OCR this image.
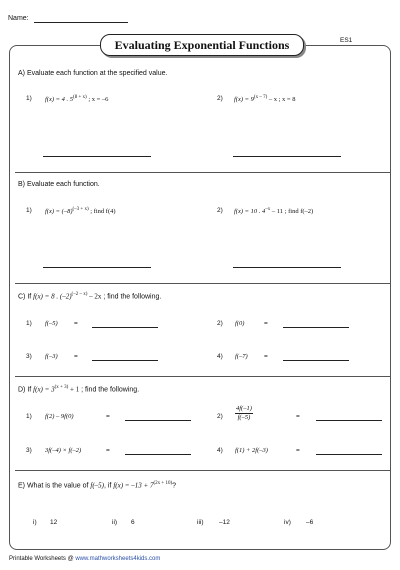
Name:
Evaluating Exponential Functions	ES1
A) Evaluate each function at the specified value.
1) f(x) = 4 . $5^{(8 + x)}$ ; x = –6	2) $f(x) = 9^{(x - 7)} - x$ ; x = 8
B) Evaluate each function.
1) $f(x) = (-8)^{(-3 + x)}$ ; find f(4)	2) f(x) = 10 . $4^{-x} - 11$ ; find f(–2)
C) If f(x) = 8 . $(-2)^{(-2 - x)} - 2x$ ; find the following.
1) f(–5)	=	2) f(0)	=
3) f(–3)	=	4) f(–7)	=
D) If $f(x) = 3^{(x + 3)} + 1$ ; find the following.
1) f(2) – 9f(0)	=	$2) \frac{4f(-1)}{f(-5)}$	=
3) 3f(–4) × f(–2)	=	4) f(1) + 2f(–3)	=
E) What is the value of f(–5), if $f(x) = -13 + 7^{(2x + 10)}$?
i) 12	ii) 6	iii) –12	iv) –6
Printable Worksheets @ www.mathworksheets4kids.com
